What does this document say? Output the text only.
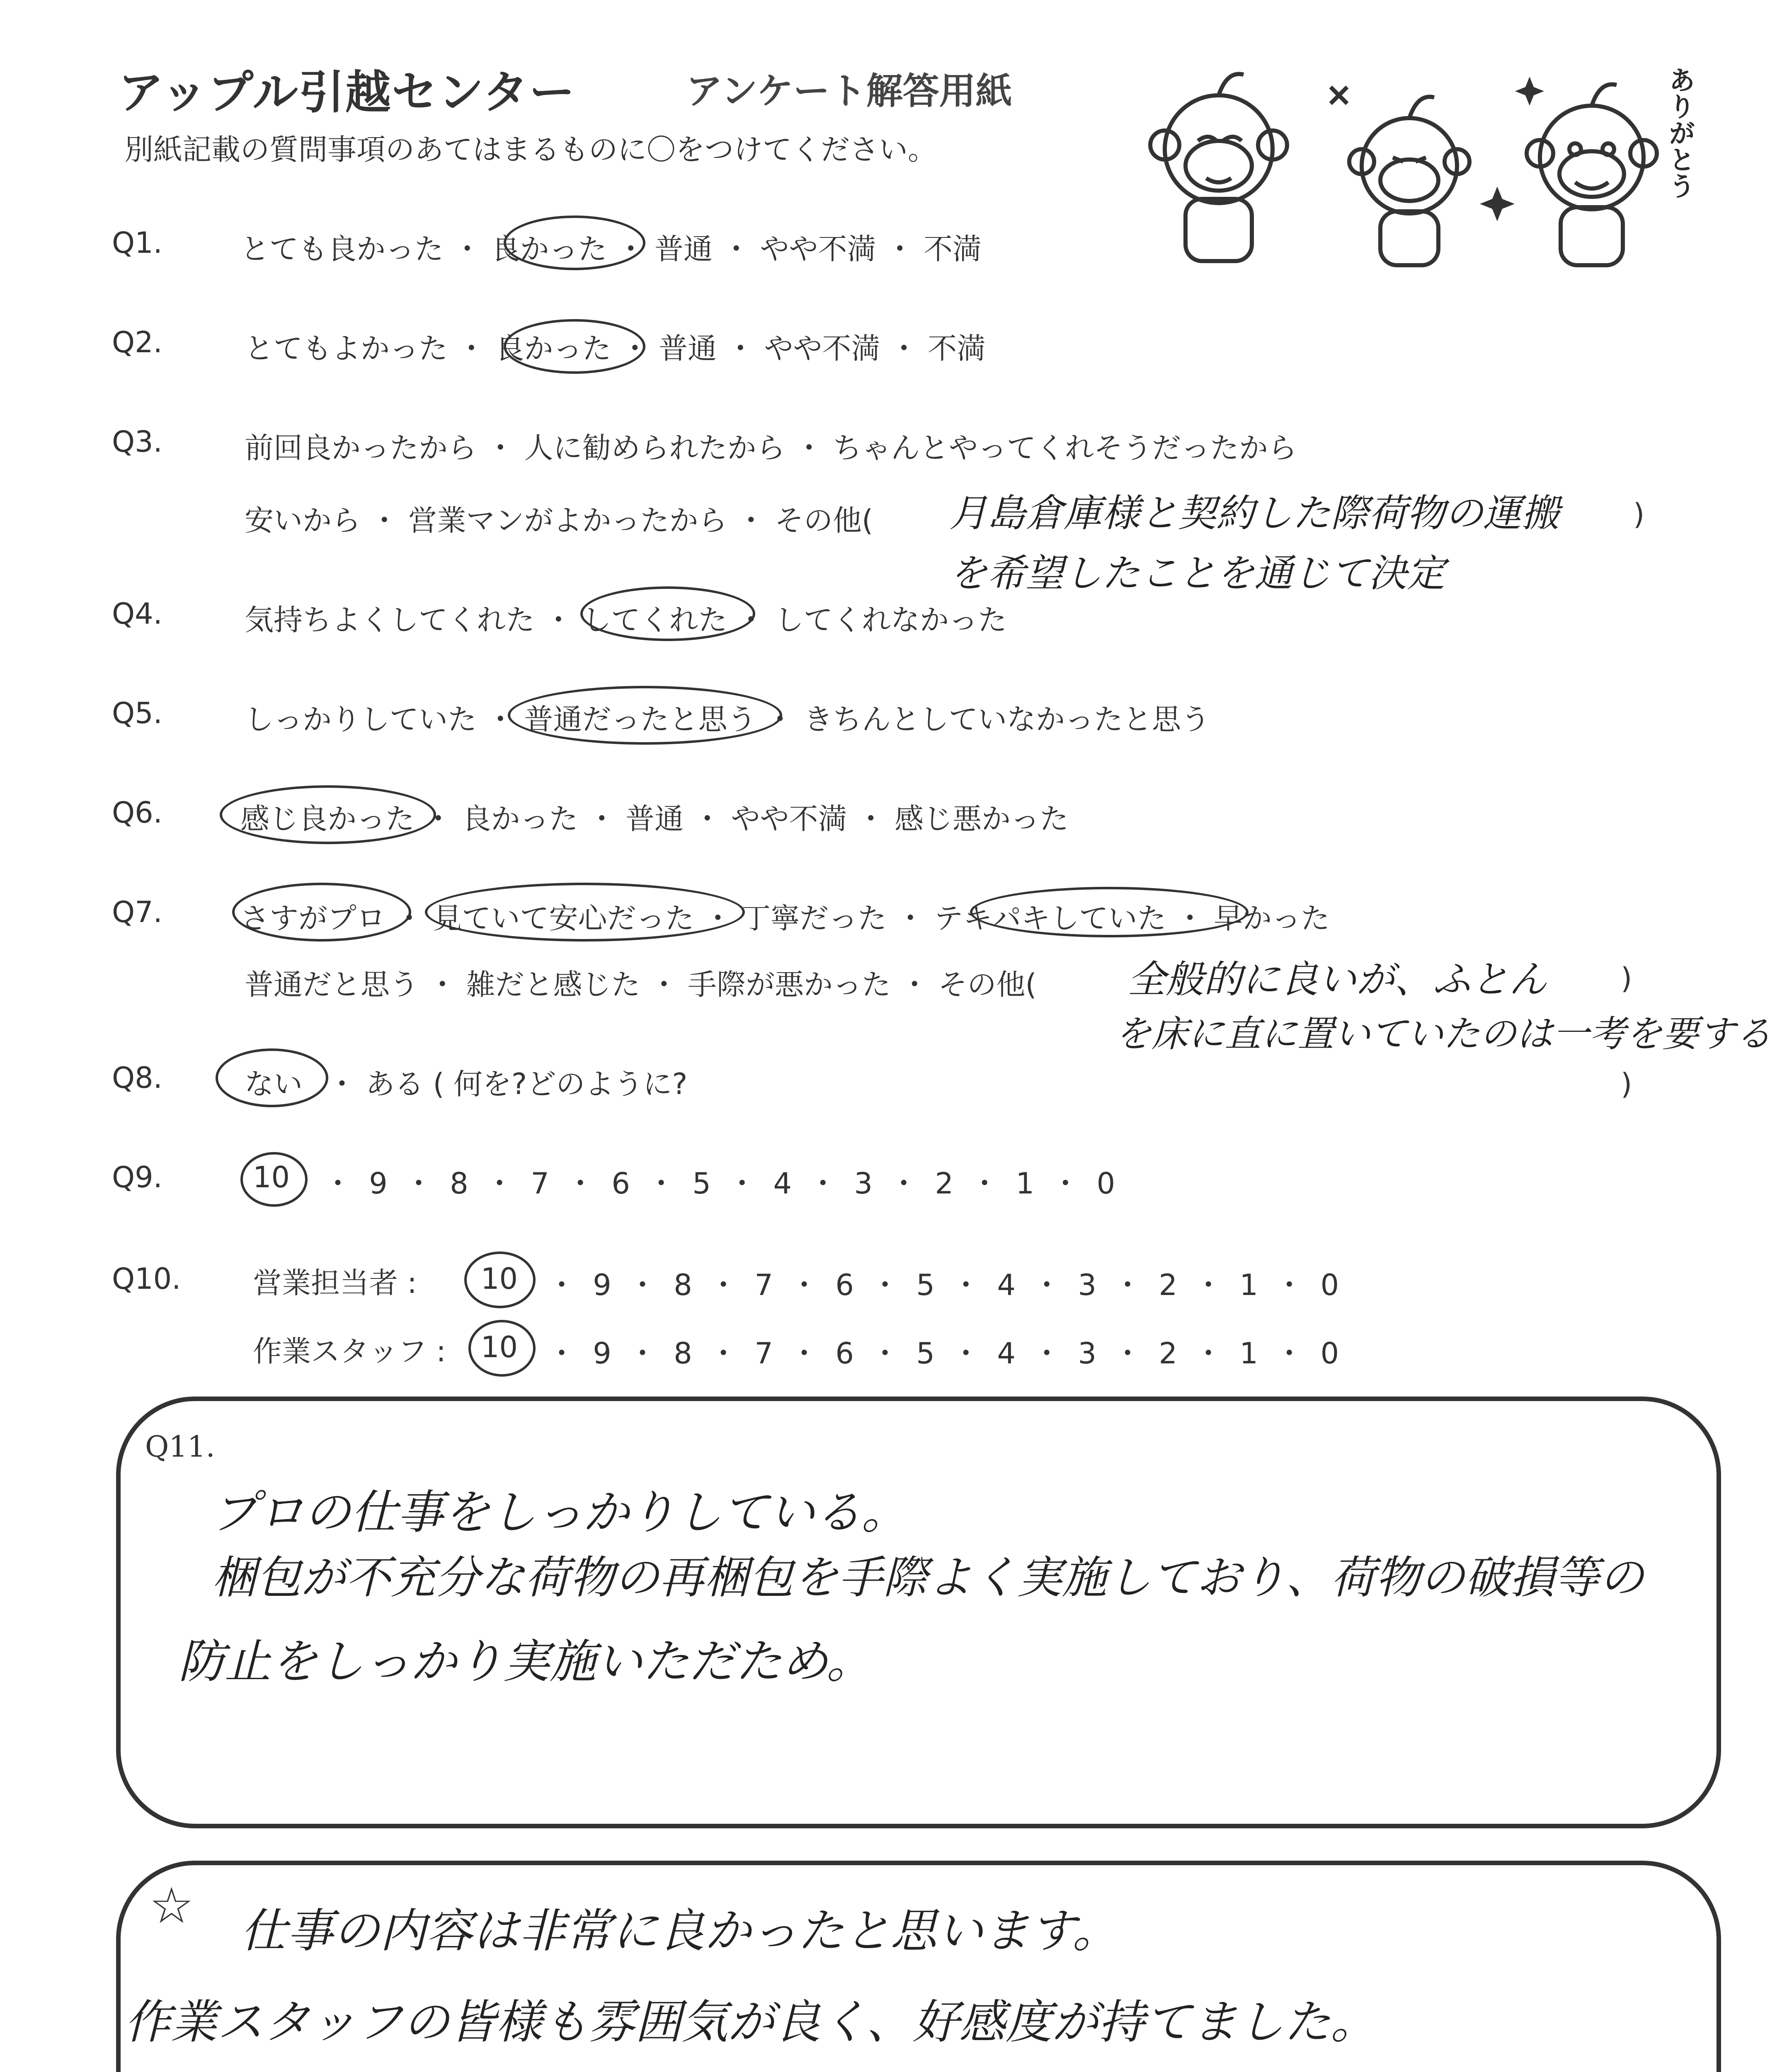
アップル引越センター	アンケート解答用紙
別紙記載の質問事項のあてはまるものに〇をつけてください。	ありがとう
Q1.	とても良かった ・ 良かった ・ 普通 ・ やや不満 ・ 不満
Q2.	とてもよかった ・ 良かった ・ 普通 ・ やや不満 ・ 不満
Q3.	前回良かったから ・ 人に勧められたから ・ ちゃんとやってくれそうだったから
安いから ・ 営業マンがよかったから ・ その他( 月島倉庫様と契約した際荷物の運搬
を希望したことを通じて決定
)
Q4.	気持ちよくしてくれた ・ してくれた ・ してくれなかった
Q5.	しっかりしていた ・ 普通だったと思う ・ きちんとしていなかったと思う
Q6.	感じ良かった ・ 良かった ・ 普通 ・ やや不満 ・ 感じ悪かった
Q7.	さすがプロ ・ 見ていて安心だった ・ 丁寧だった ・ テキパキしていた ・ 早かった
普通だと思う ・ 雑だと感じた ・ 手際が悪かった ・ その他( 全般的に良いが、ふとん
を床に直に置いていたのは一考を要する
)
Q8.	ない ・ ある ( 何を?どのように?	)
Q9.	10 ・ 9 ・ 8 ・ 7 ・ 6 ・ 5 ・ 4 ・ 3 ・ 2 ・ 1 ・ 0
Q10. 営業担当者 : 10 ・ 9 ・ 8 ・ 7 ・ 6 ・ 5 ・ 4 ・ 3 ・ 2 ・ 1 ・ 0
作業スタッフ : 10 ・ 9 ・ 8 ・ 7 ・ 6 ・ 5 ・ 4 ・ 3 ・ 2 ・ 1 ・ 0
Q11.
プロの仕事をしっかりしている。
梱包が不充分な荷物の再梱包を手際よく実施しており、荷物の破損等の
防止をしっかり実施いただため。
☆ 仕事の内容は非常に良かったと思います。
作業スタッフの皆様も雰囲気が良く、好感度が持てました。
